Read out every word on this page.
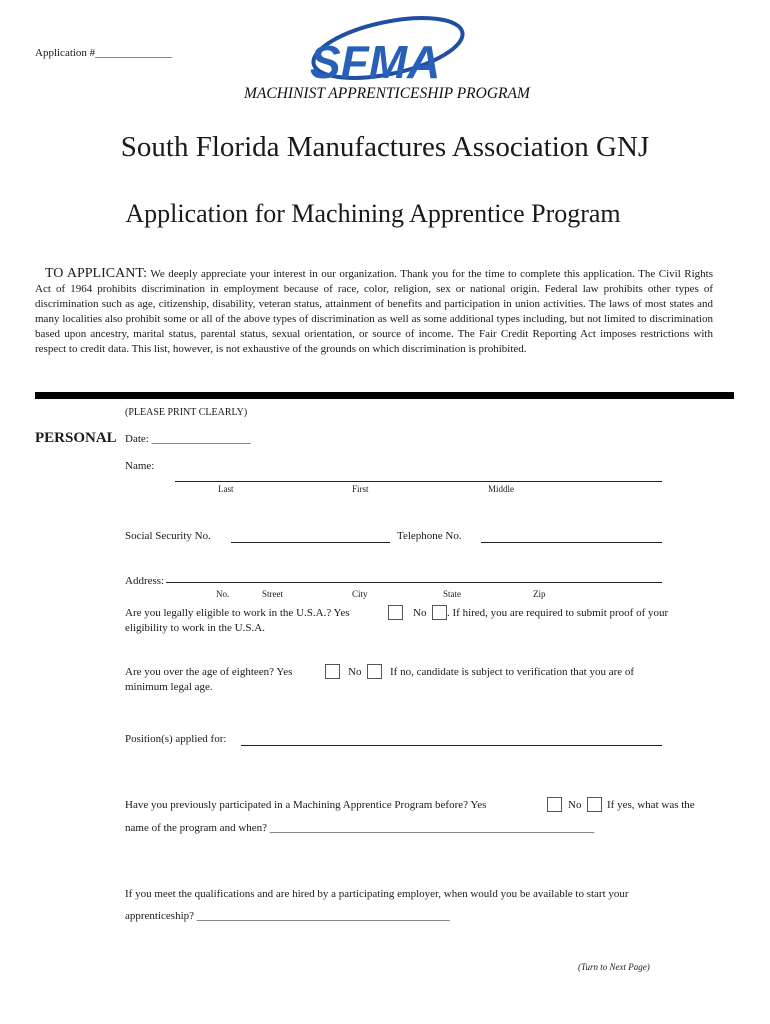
Application #______________	SFMA
MACHINIST APPRENTICESHIP PROGRAM
South Florida Manufactures Association GNJ
Application for Machining Apprentice Program
TO APPLICANT: We deeply appreciate your interest in our organization. Thank you for the time to complete this application. The Civil Rights Act of 1964 prohibits discrimination in employment because of race, color, religion, sex or national origin. Federal law prohibits other types of discrimination such as age, citizenship, disability, veteran status, attainment of benefits and participation in union activities. The laws of most states and many localities also prohibit some or all of the above types of discrimination as well as some additional types including, but not limited to discrimination based upon ancestry, marital status, parental status, sexual orientation, or source of income. The Fair Credit Reporting Act imposes restrictions with respect to credit data. This list, however, is not exhaustive of the grounds on which discrimination is prohibited.
(PLEASE PRINT CLEARLY)
PERSONAL Date: __________________
Name:
Last	First	Middle
Social Security No.	Telephone No.
Address:
No.	Street	City	State	Zip
Are you legally eligible to work in the U.S.A.? Yes	No . If hired, you are required to submit proof of your
eligibility to work in the U.S.A.
Are you over the age of eighteen? Yes	No	If no, candidate is subject to verification that you are of
minimum legal age.
Position(s) applied for:
Have you previously participated in a Machining Apprentice Program before? Yes	No If yes, what was the
name of the program and when? ___________________________________________________________
If you meet the qualifications and are hired by a participating employer, when would you be available to start your
apprenticeship? ______________________________________________
(Turn to Next Page)
